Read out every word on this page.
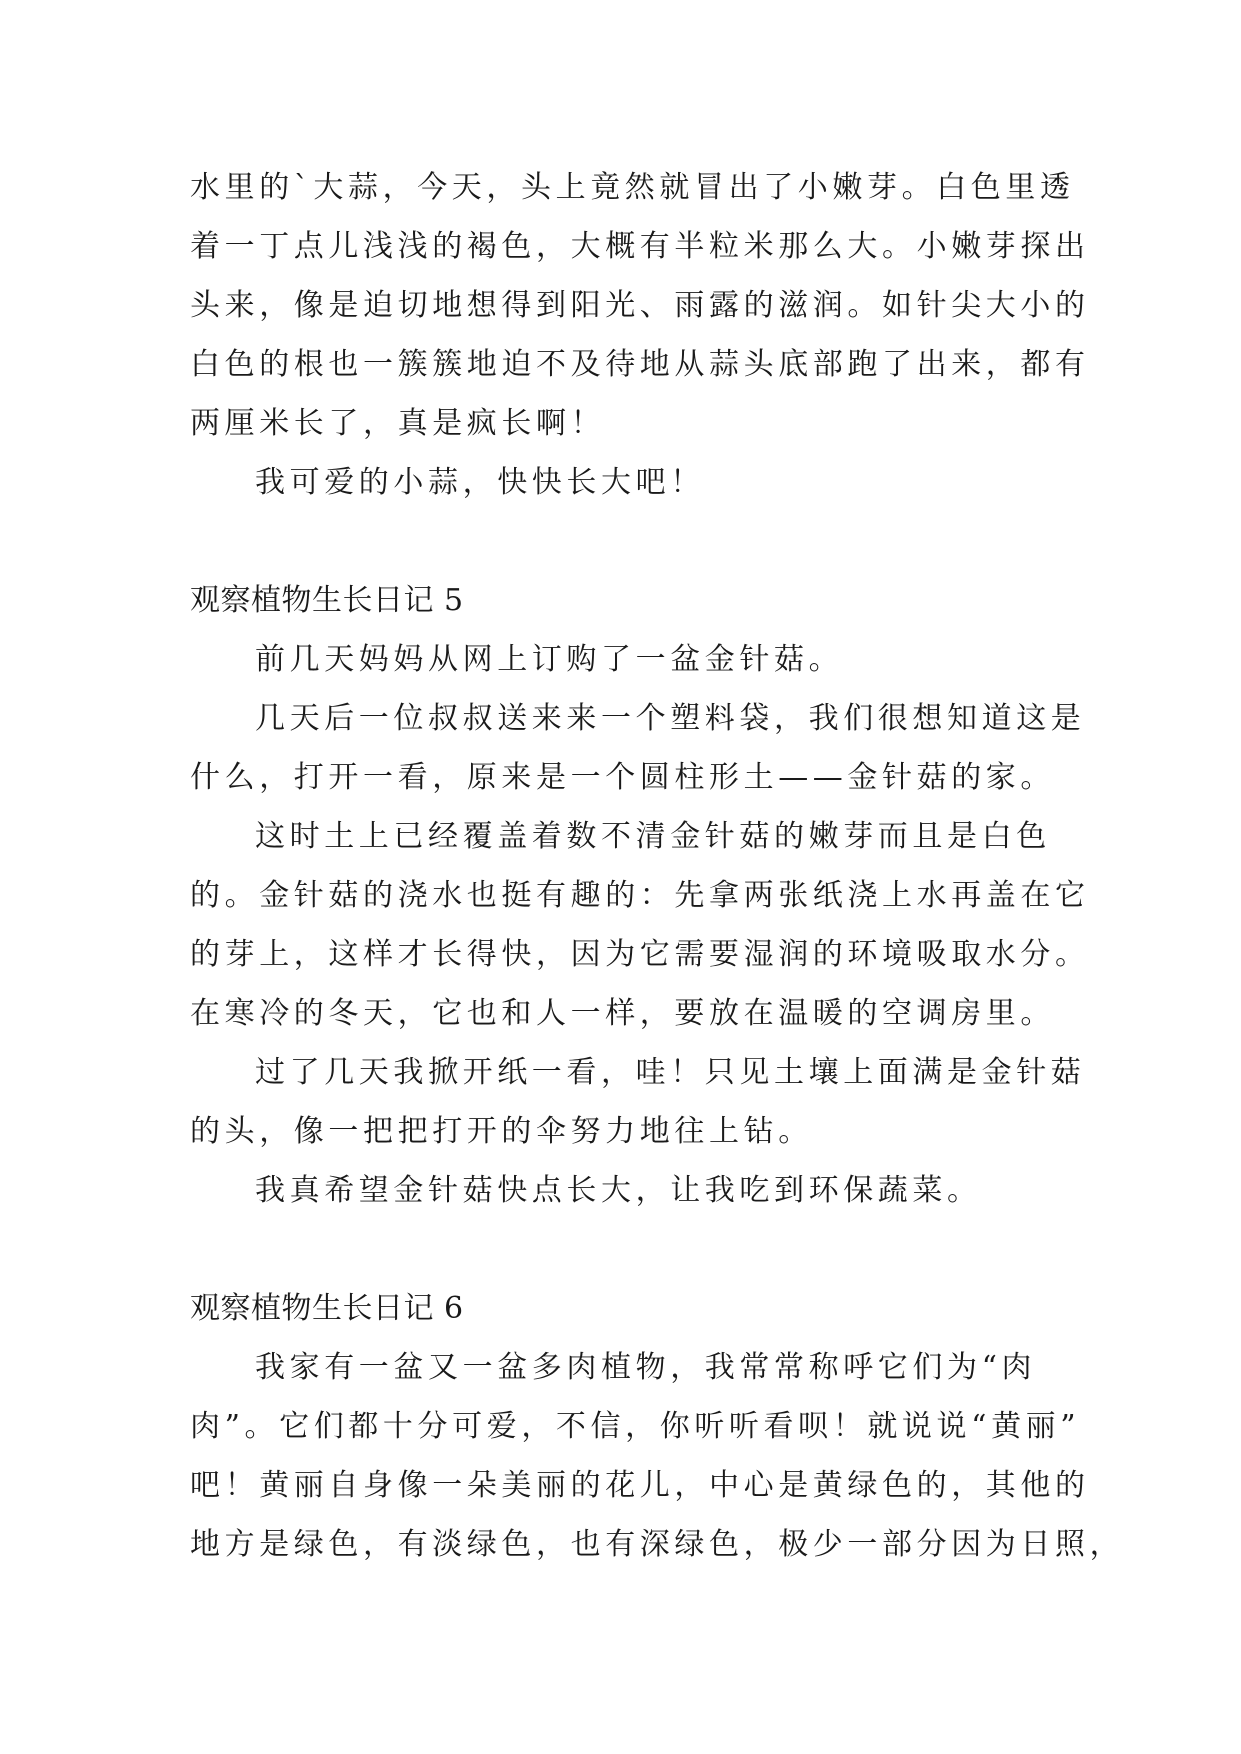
水里的`大蒜，今天，头上竟然就冒出了小嫩芽。白色里透
着一丁点儿浅浅的褐色，大概有半粒米那么大。小嫩芽探出
头来，像是迫切地想得到阳光、雨露的滋润。如针尖大小的
白色的根也一簇簇地迫不及待地从蒜头底部跑了出来，都有
两厘米长了，真是疯长啊！
我可爱的小蒜，快快长大吧！
观察植物生长日记 5
前几天妈妈从网上订购了一盆金针菇。
几天后一位叔叔送来来一个塑料袋，我们很想知道这是
什么，打开一看，原来是一个圆柱形土——金针菇的家。
这时土上已经覆盖着数不清金针菇的嫩芽而且是白色
的。金针菇的浇水也挺有趣的：先拿两张纸浇上水再盖在它
的芽上，这样才长得快，因为它需要湿润的环境吸取水分。
在寒冷的冬天，它也和人一样，要放在温暖的空调房里。
过了几天我掀开纸一看，哇！只见土壤上面满是金针菇
的头，像一把把打开的伞努力地往上钻。
我真希望金针菇快点长大，让我吃到环保蔬菜。
观察植物生长日记 6
我家有一盆又一盆多肉植物，我常常称呼它们为“肉
肉”。它们都十分可爱，不信，你听听看呗！就说说“黄丽”
吧！黄丽自身像一朵美丽的花儿，中心是黄绿色的，其他的
地方是绿色，有淡绿色，也有深绿色，极少一部分因为日照，
